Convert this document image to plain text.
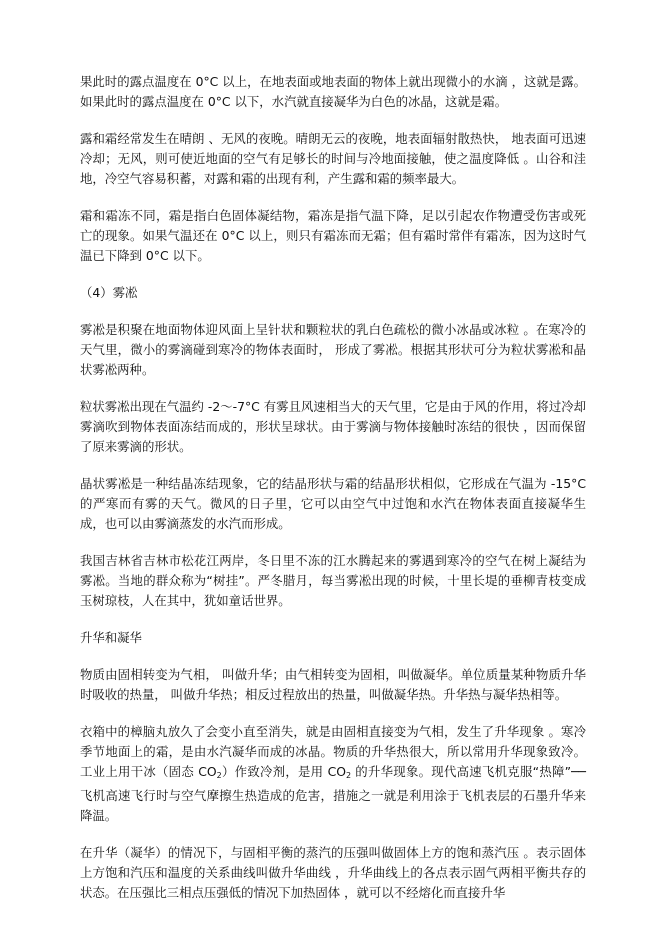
果此时的露点温度在 0°C 以上，在地表面或地表面的物体上就出现微小的水滴 ，这就是露。如果此时的露点温度在 0°C 以下，水汽就直接凝华为白色的冰晶，这就是霜。

露和霜经常发生在晴朗 、无风的夜晚。晴朗无云的夜晚，地表面辐射散热快， 地表面可迅速冷却；无风，则可使近地面的空气有足够长的时间与冷地面接触，使之温度降低 。山谷和洼地，冷空气容易积蓄，对露和霜的出现有利，产生露和霜的频率最大。

霜和霜冻不同，霜是指白色固体凝结物，霜冻是指气温下降，足以引起农作物遭受伤害或死亡的现象。如果气温还在 0°C 以上，则只有霜冻而无霜；但有霜时常伴有霜冻，因为这时气温已下降到 0°C 以下。

（4）雾凇

雾凇是积聚在地面物体迎风面上呈针状和颗粒状的乳白色疏松的微小冰晶或冰粒 。在寒冷的天气里，微小的雾滴碰到寒冷的物体表面时， 形成了雾凇。根据其形状可分为粒状雾凇和晶状雾凇两种。

粒状雾凇出现在气温约 -2～-7°C 有雾且风速相当大的天气里，它是由于风的作用，将过冷却雾滴吹到物体表面冻结而成的，形状呈球状。由于雾滴与物体接触时冻结的很快 ，因而保留了原来雾滴的形状。

晶状雾凇是一种结晶冻结现象，它的结晶形状与霜的结晶形状相似，它形成在气温为 -15°C 的严寒而有雾的天气。微风的日子里，它可以由空气中过饱和水汽在物体表面直接凝华生成，也可以由雾滴蒸发的水汽而形成。

我国吉林省吉林市松花江两岸，冬日里不冻的江水腾起来的雾遇到寒冷的空气在树上凝结为雾凇。当地的群众称为“树挂”。严冬腊月，每当雾凇出现的时候，十里长堤的垂柳青枝变成玉树琼枝，人在其中，犹如童话世界。

升华和凝华

物质由固相转变为气相， 叫做升华；由气相转变为固相，叫做凝华。单位质量某种物质升华时吸收的热量， 叫做升华热；相反过程放出的热量，叫做凝华热。升华热与凝华热相等。

衣箱中的樟脑丸放久了会变小直至消失，就是由固相直接变为气相，发生了升华现象 。寒冷季节地面上的霜，是由水汽凝华而成的冰晶。物质的升华热很大，所以常用升华现象致冷。工业上用干冰（固态 $CO_2$）作致冷剂，是用 $CO_2$ 的升华现象。现代高速飞机克服“热障”──飞机高速飞行时与空气摩擦生热造成的危害，措施之一就是利用涂于飞机表层的石墨升华来降温。

在升华（凝华）的情况下，与固相平衡的蒸汽的压强叫做固体上方的饱和蒸汽压 。表示固体上方饱和汽压和温度的关系曲线叫做升华曲线 ，升华曲线上的各点表示固气两相平衡共存的状态。在压强比三相点压强低的情况下加热固体 ，就可以不经熔化而直接升华
